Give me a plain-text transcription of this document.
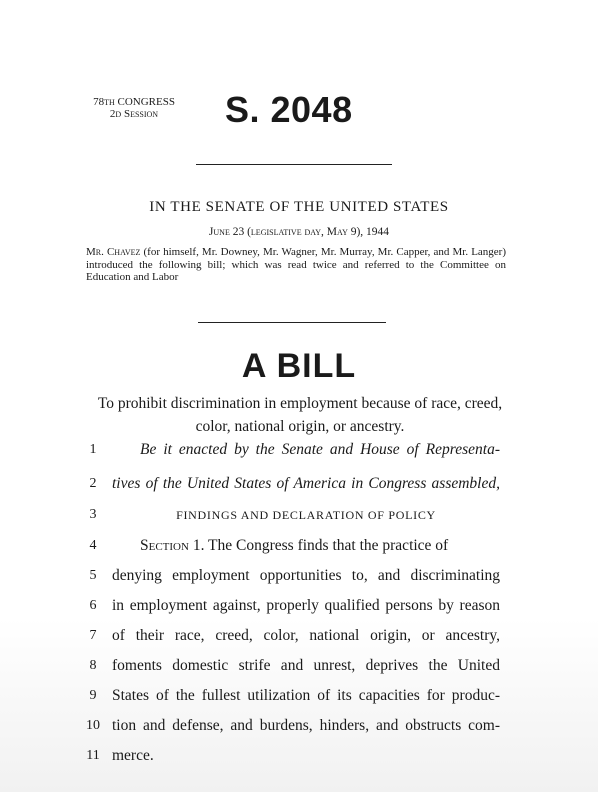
78th CONGRESS
2d Session	S. 2048
IN THE SENATE OF THE UNITED STATES
June 23 (legislative day, May 9), 1944
Mr. Chavez (for himself, Mr. Downey, Mr. Wagner, Mr. Murray, Mr. Capper, and Mr. Langer) introduced the following bill; which was read twice and referred to the Committee on Education and Labor
A BILL
To prohibit discrimination in employment because of race, creed, color, national origin, or ancestry.
1	Be it enacted by the Senate and House of Representa-
2	tives of the United States of America in Congress assembled,
3	FINDINGS AND DECLARATION OF POLICY
4	Section 1. The Congress finds that the practice of
5	denying employment opportunities to, and discriminating
6	in employment against, properly qualified persons by reason
7	of their race, creed, color, national origin, or ancestry,
8	foments domestic strife and unrest, deprives the United
9	States of the fullest utilization of its capacities for produc-
10 tion and defense, and burdens, hinders, and obstructs com-
11 merce.
